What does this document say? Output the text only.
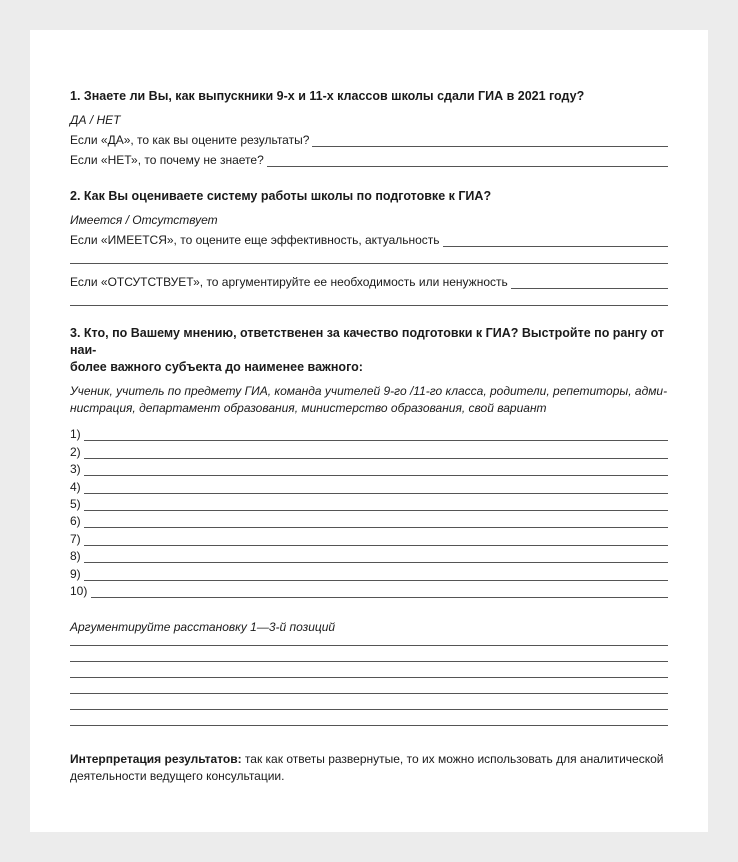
1. Знаете ли Вы, как выпускники 9-х и 11-х классов школы сдали ГИА в 2021 году?

ДА / НЕТ
Если «ДА», то как вы оцените результаты?
Если «НЕТ», то почему не знаете?

2. Как Вы оцениваете систему работы школы по подготовке к ГИА?

Имеется / Отсутствует
Если «ИМЕЕТСЯ», то оцените еще эффективность, актуальность
Если «ОТСУТСТВУЕТ», то аргументируйте ее необходимость или ненужность

3. Кто, по Вашему мнению, ответственен за качество подготовки к ГИА? Выстройте по рангу от наи-

более важного субъекта до наименее важного:

Ученик, учитель по предмету ГИА, команда учителей 9-го /11-го класса, родители, репетиторы, адми-
нистрация, департамент образования, министерство образования, свой вариант
1)
2)
3)
4)
5)
6)
7)
8)
9)
10)
Аргументируйте расстановку 1—3-й позиций
Интерпретация результатов: так как ответы развернутые, то их можно использовать для аналитической
деятельности ведущего консультации.
